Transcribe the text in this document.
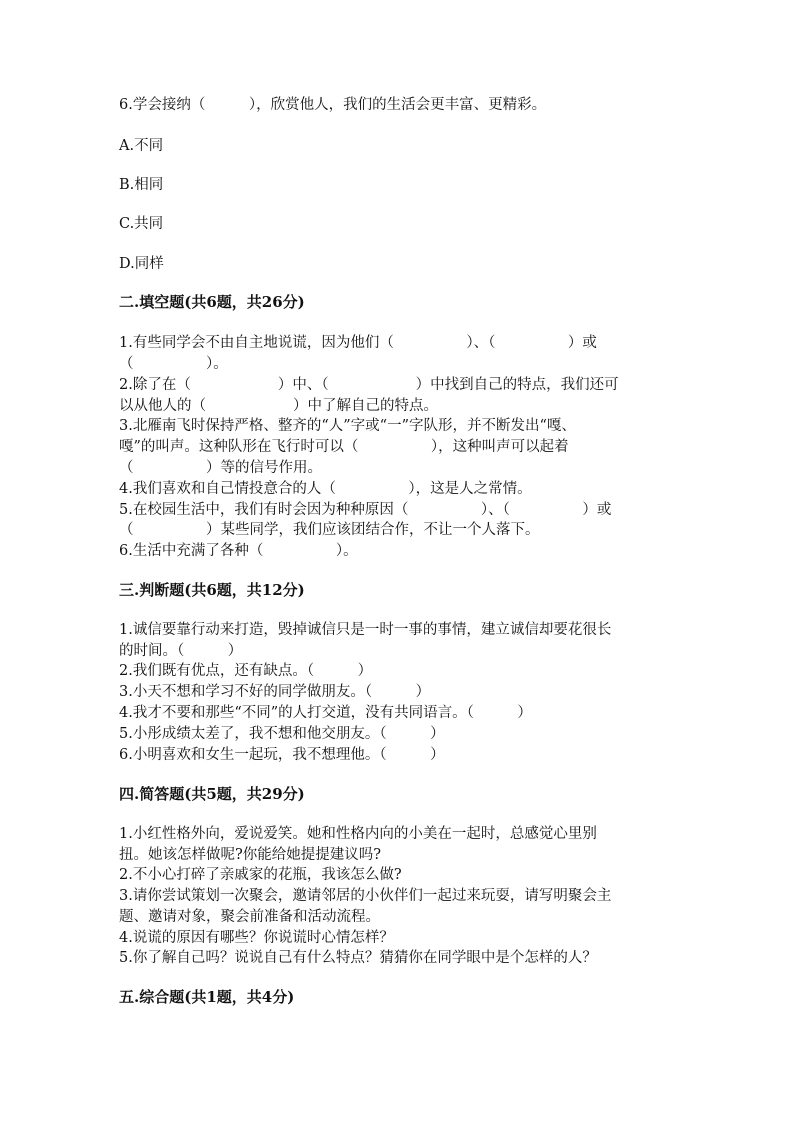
6.学会接纳（　　　），欣赏他人，我们的生活会更丰富、更精彩。
A.不同
B.相同
C.共同
D.同样
二.填空题(共6题，共26分)
1.有些同学会不由自主地说谎，因为他们（　　　　　）、（　　　　　）或
（　　　　　）。
2.除了在（　　　　　　）中、（　　　　　　）中找到自己的特点，我们还可
以从他人的（　　　　　　）中了解自己的特点。
3.北雁南飞时保持严格、整齐的“人”字或“一”字队形，并不断发出“嘎、
嘎”的叫声。这种队形在飞行时可以（　　　　　），这种叫声可以起着
（　　　　　）等的信号作用。
4.我们喜欢和自己情投意合的人（　　　　　），这是人之常情。
5.在校园生活中，我们有时会因为种种原因（　　　　　）、（　　　　　）或
（　　　　　）某些同学，我们应该团结合作，不让一个人落下。
6.生活中充满了各种（　　　　　）。
三.判断题(共6题，共12分)
1.诚信要靠行动来打造，毁掉诚信只是一时一事的事情，建立诚信却要花很长
的时间。（　　　）
2.我们既有优点，还有缺点。（　　　）
3.小天不想和学习不好的同学做朋友。（　　　）
4.我才不要和那些“不同”的人打交道，没有共同语言。（　　　）
5.小彤成绩太差了，我不想和他交朋友。（　　　）
6.小明喜欢和女生一起玩，我不想理他。（　　　）
四.简答题(共5题，共29分)
1.小红性格外向，爱说爱笑。她和性格内向的小美在一起时，总感觉心里别
扭。她该怎样做呢?你能给她提提建议吗?
2.不小心打碎了亲戚家的花瓶，我该怎么做?
3.请你尝试策划一次聚会，邀请邻居的小伙伴们一起过来玩耍，请写明聚会主
题、邀请对象，聚会前准备和活动流程。
4.说谎的原因有哪些？你说谎时心情怎样？
5.你了解自己吗？说说自己有什么特点？猜猜你在同学眼中是个怎样的人？
五.综合题(共1题，共4分)
